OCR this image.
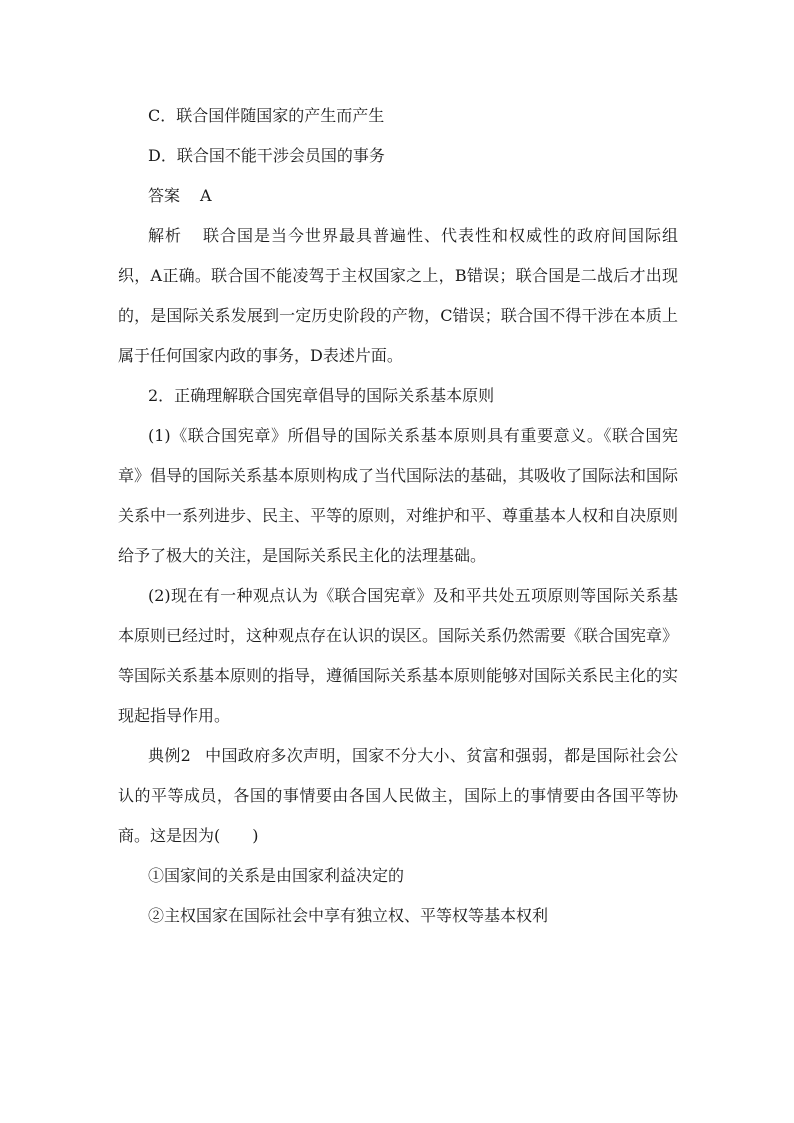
C．联合国伴随国家的产生而产生
D．联合国不能干涉会员国的事务
答案 A

解析 联合国是当今世界最具普遍性、代表性和权威性的政府间国际组织，A正确。联合国不能凌驾于主权国家之上，B错误；联合国是二战后才出现的，是国际关系发展到一定历史阶段的产物，C错误；联合国不得干涉在本质上属于任何国家内政的事务，D表述片面。

2．正确理解联合国宪章倡导的国际关系基本原则

(1)《联合国宪章》所倡导的国际关系基本原则具有重要意义。《联合国宪章》倡导的国际关系基本原则构成了当代国际法的基础，其吸收了国际法和国际关系中一系列进步、民主、平等的原则，对维护和平、尊重基本人权和自决原则给予了极大的关注，是国际关系民主化的法理基础。

(2)现在有一种观点认为《联合国宪章》及和平共处五项原则等国际关系基本原则已经过时，这种观点存在认识的误区。国际关系仍然需要《联合国宪章》等国际关系基本原则的指导，遵循国际关系基本原则能够对国际关系民主化的实现起指导作用。

典例2 中国政府多次声明，国家不分大小、贫富和强弱，都是国际社会公认的平等成员，各国的事情要由各国人民做主，国际上的事情要由各国平等协商。这是因为(　　)

①国家间的关系是由国家利益决定的
②主权国家在国际社会中享有独立权、平等权等基本权利
